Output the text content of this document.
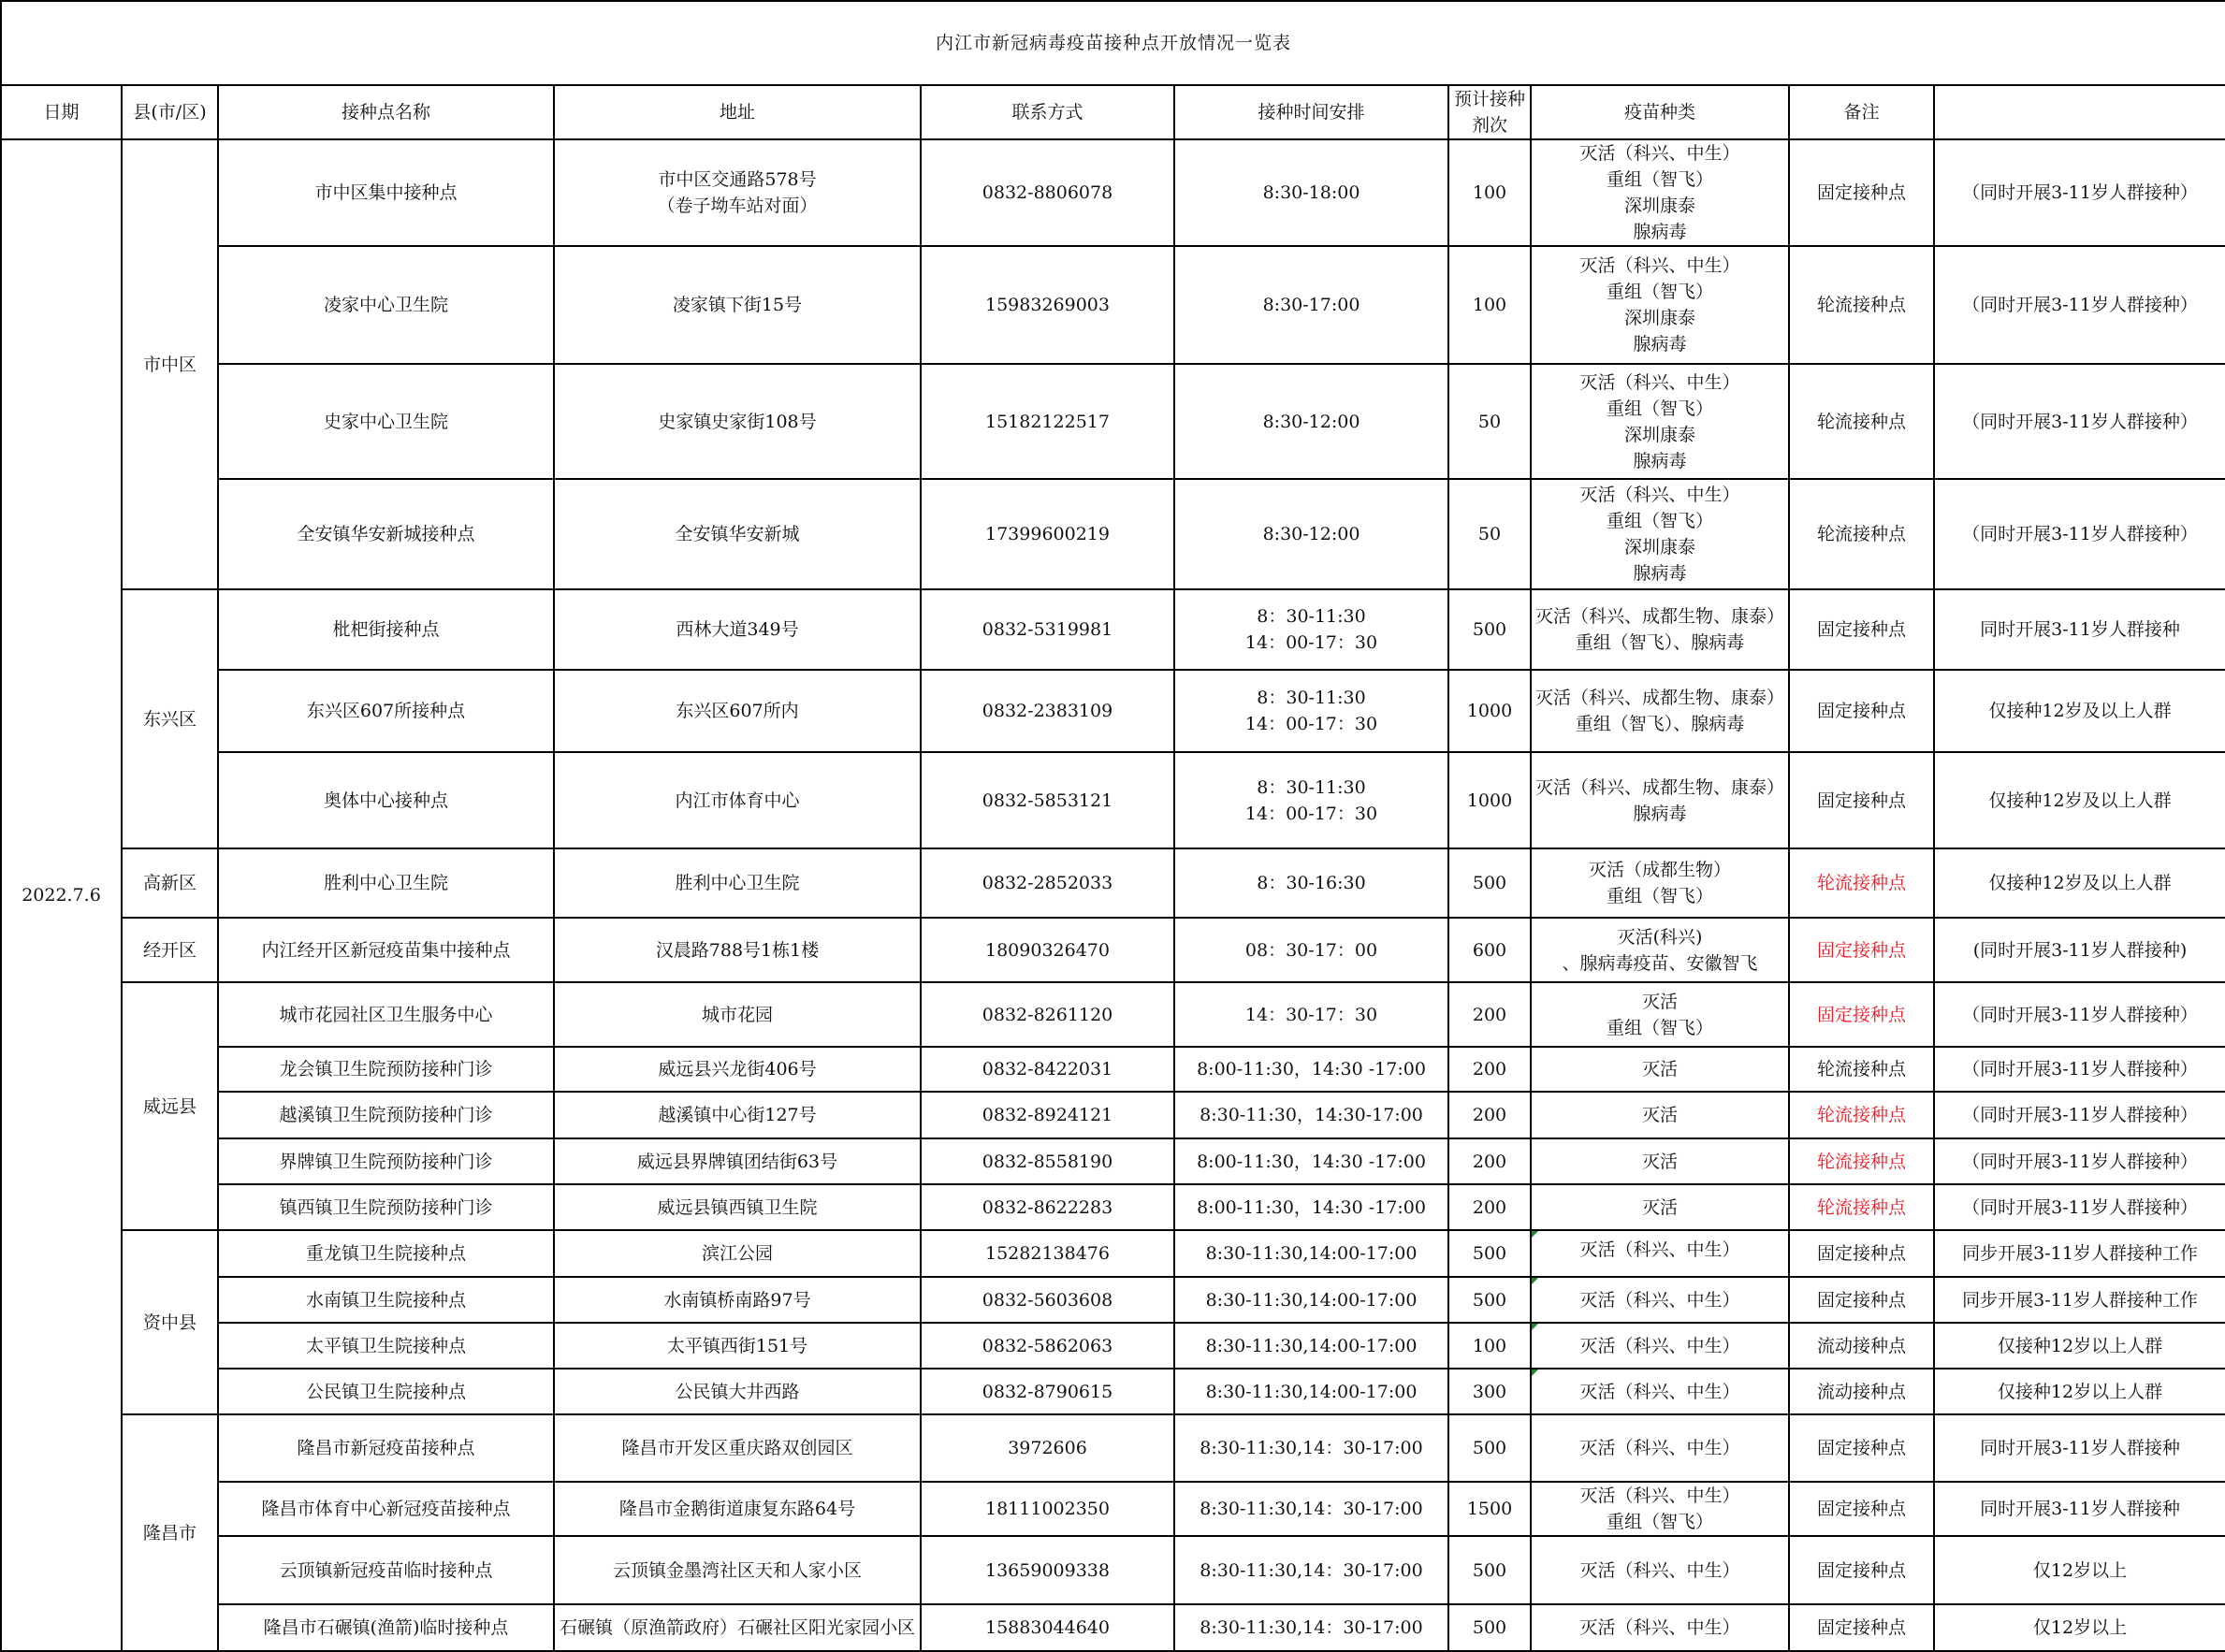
内江市新冠病毒疫苗接种点开放情况一览表									
日期	县(市/区)	接种点名称	地址	联系方式	接种时间安排	预计接种剂次	疫苗种类	备注	
2022.7.6	市中区	市中区集中接种点	市中区交通路578号
（卷子坳车站对面）	0832-8806078	8:30-18:00	100	灭活（科兴、中生）
重组（智飞）
深圳康泰
腺病毒	固定接种点	（同时开展3-11岁人群接种）
		凌家中心卫生院	凌家镇下街15号	15983269003	8:30-17:00	100	灭活（科兴、中生）
重组（智飞）
深圳康泰
腺病毒	轮流接种点	（同时开展3-11岁人群接种）
		史家中心卫生院	史家镇史家街108号	15182122517	8:30-12:00	50	灭活（科兴、中生）
重组（智飞）
深圳康泰
腺病毒	轮流接种点	（同时开展3-11岁人群接种）
		全安镇华安新城接种点	全安镇华安新城	17399600219	8:30-12:00	50	灭活（科兴、中生）
重组（智飞）
深圳康泰
腺病毒	轮流接种点	（同时开展3-11岁人群接种）
	东兴区	枇杷街接种点	西林大道349号	0832-5319981	8：30-11:30
14：00-17：30	500	灭活（科兴、成都生物、康泰）
重组（智飞）、腺病毒	固定接种点	同时开展3-11岁人群接种
		东兴区607所接种点	东兴区607所内	0832-2383109	8：30-11:30
14：00-17：30	1000	灭活（科兴、成都生物、康泰）
重组（智飞）、腺病毒	固定接种点	仅接种12岁及以上人群
		奥体中心接种点	内江市体育中心	0832-5853121	8：30-11:30
14：00-17：30	1000	灭活（科兴、成都生物、康泰）
腺病毒	固定接种点	仅接种12岁及以上人群
	高新区	胜利中心卫生院	胜利中心卫生院	0832-2852033	8：30-16:30	500	灭活（成都生物）
重组（智飞）	轮流接种点	仅接种12岁及以上人群
	经开区	内江经开区新冠疫苗集中接种点	汉晨路788号1栋1楼	18090326470	08：30-17：00	600	灭活(科兴)
、腺病毒疫苗、安徽智飞	固定接种点	(同时开展3-11岁人群接种)
	威远县	城市花园社区卫生服务中心	城市花园	0832-8261120	14：30-17：30	200	灭活
重组（智飞）	固定接种点	（同时开展3-11岁人群接种）
		龙会镇卫生院预防接种门诊	威远县兴龙街406号	0832-8422031	8:00-11:30，14:30 -17:00	200	灭活	轮流接种点	（同时开展3-11岁人群接种）
		越溪镇卫生院预防接种门诊	越溪镇中心街127号	0832-8924121	8:30-11:30，14:30-17:00	200	灭活	轮流接种点	（同时开展3-11岁人群接种）
		界牌镇卫生院预防接种门诊	威远县界牌镇团结街63号	0832-8558190	8:00-11:30，14:30 -17:00	200	灭活	轮流接种点	（同时开展3-11岁人群接种）
		镇西镇卫生院预防接种门诊	威远县镇西镇卫生院	0832-8622283	8:00-11:30，14:30 -17:00	200	灭活	轮流接种点	（同时开展3-11岁人群接种）
	资中县	重龙镇卫生院接种点	滨江公园	15282138476	8:30-11:30,14:00-17:00	500	灭活（科兴、中生）	固定接种点	同步开展3-11岁人群接种工作
		水南镇卫生院接种点	水南镇桥南路97号	0832-5603608	8:30-11:30,14:00-17:00	500	灭活（科兴、中生）	固定接种点	同步开展3-11岁人群接种工作
		太平镇卫生院接种点	太平镇西街151号	0832-5862063	8:30-11:30,14:00-17:00	100	灭活（科兴、中生）	流动接种点	仅接种12岁以上人群
		公民镇卫生院接种点	公民镇大井西路	0832-8790615	8:30-11:30,14:00-17:00	300	灭活（科兴、中生）	流动接种点	仅接种12岁以上人群
	隆昌市	隆昌市新冠疫苗接种点	隆昌市开发区重庆路双创园区	3972606	8:30-11:30,14：30-17:00	500	灭活（科兴、中生）	固定接种点	同时开展3-11岁人群接种
		隆昌市体育中心新冠疫苗接种点	隆昌市金鹅街道康复东路64号	18111002350	8:30-11:30,14：30-17:00	1500	灭活（科兴、中生）
重组（智飞）	固定接种点	同时开展3-11岁人群接种
		云顶镇新冠疫苗临时接种点	云顶镇金墨湾社区天和人家小区	13659009338	8:30-11:30,14：30-17:00	500	灭活（科兴、中生）	固定接种点	仅12岁以上
		隆昌市石碾镇(渔箭)临时接种点	石碾镇（原渔箭政府）石碾社区阳光家园小区	15883044640	8:30-11:30,14：30-17:00	500	灭活（科兴、中生）	固定接种点	仅12岁以上
